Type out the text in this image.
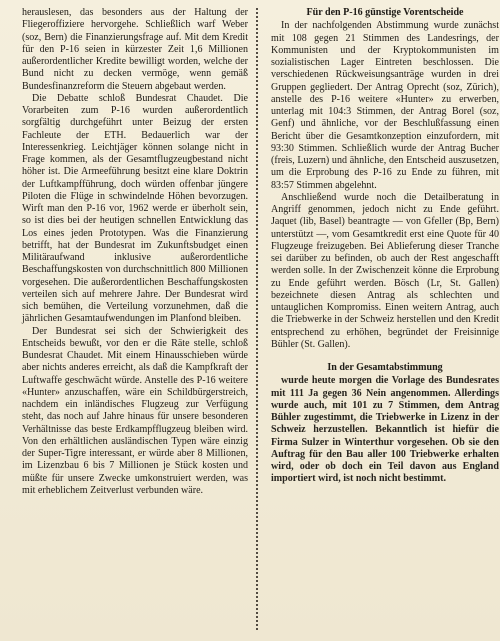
herauslesen, das besonders aus der Haltung der Fliegeroffiziere hervorgehe. Schließlich warf Weber (soz, Bern) die Finanzierungsfrage auf. Mit dem Kredit für den P-16 seien in kürzester Zeit 1,6 Millionen außerordentlicher Kredite bewilligt worden, welche der Bund nicht zu decken vermöge, wenn gemäß Bundesfinanzreform die Steuern abgebaut werden.

Die Debatte schloß Bundesrat Chaudet. Die Vorarbeiten zum P-16 wurden außerordentlich sorgfältig durchgeführt unter Beizug der ersten Fachleute der ETH. Bedauerlich war der Interessenkrieg. Leichtjäger können solange nicht in Frage kommen, als der Gesamtflugzeugbestand nicht höher ist. Die Armeeführung besitzt eine klare Doktrin der Luftkampfführung, doch würden offenbar jüngere Piloten die Flüge in schwindelnde Höhen bevorzugen. Wirft man den P-16 vor, 1962 werde er überholt sein, so ist dies bei der heutigen schnellen Entwicklung das Los eines jeden Prototypen. Was die Finanzierung betrifft, hat der Bundesrat im Zukunftsbudget einen Militäraufwand inklusive außerordentliche Beschaffungskosten von durchschnittlich 800 Millionen vorgesehen. Die außerordentlichen Beschaffungskosten verteilen sich auf mehrere Jahre. Der Bundesrat wird sich bemühen, die Verteilung vorzunehmen, daß die jährlichen Gesamtaufwendungen im Planfond bleiben.

Der Bundesrat sei sich der Schwierigkeit des Entscheids bewußt, vor den er die Räte stelle, schloß Bundesrat Chaudet. Mit einem Hinausschieben würde aber nichts anderes erreicht, als daß die Kampfkraft der Luftwaffe geschwächt würde. Anstelle des P-16 weitere «Hunter» anzuschaffen, wäre ein Schildbürgerstreich, nachdem ein inländisches Flugzeug zur Verfügung steht, das noch auf Jahre hinaus für unsere besonderen Verhältnisse das beste Erdkampfflugzeug bleiben wird. Von den erhältlichen ausländischen Typen wäre einzig der Super-Tigre interessant, er würde aber 8 Millionen, im Lizenzbau 6 bis 7 Millionen je Stück kosten und müßte für unsere Zwecke umkonstruiert werden, was mit erheblichem Zeitverlust verbunden wäre.

Für den P-16 günstige Vorentscheide

In der nachfolgenden Abstimmung wurde zunächst mit 108 gegen 21 Stimmen des Landesrings, der Kommunisten und der Kryptokommunisten im sozialistischen Lager Eintreten beschlossen. Die verschiedenen Rückweisungsanträge wurden in drei Gruppen gegliedert. Der Antrag Oprecht (soz, Zürich), anstelle des P-16 weitere «Hunter» zu erwerben, unterlag mit 104:3 Stimmen, der Antrag Borel (soz, Genf) und ähnliche, vor der Beschlußfassung einen Bericht über die Gesamtkonzeption einzufordern, mit 93:30 Stimmen. Schließlich wurde der Antrag Bucher (freis, Luzern) und ähnliche, den Entscheid auszusetzen, um die Erprobung des P-16 zu Ende zu führen, mit 83:57 Stimmen abgelehnt.

Anschließend wurde noch die Detailberatung in Angriff genommen, jedoch nicht zu Ende geführt. Jaquet (lib, Basel) beantragte — von Gfeller (Bp, Bern) unterstützt —, vom Gesamtkredit erst eine Quote für 40 Flugzeuge freizugeben. Bei Ablieferung dieser Tranche sei darüber zu befinden, ob auch der Rest angeschafft werden solle. In der Zwischenzeit könne die Erprobung zu Ende geführt werden. Bösch (Lr, St. Gallen) bezeichnete diesen Antrag als schlechten und untauglichen Kompromiss. Einen weitern Antrag, auch die Triebwerke in der Schweiz herstellen und den Kredit entsprechend zu erhöhen, begründet der Freisinnige Bühler (St. Gallen).

In der Gesamtabstimmung

wurde heute morgen die Vorlage des Bundesrates mit 111 Ja gegen 36 Nein angenommen. Allerdings wurde auch, mit 101 zu 7 Stimmen, dem Antrag Bühler zugestimmt, die Triebwerke in Lizenz in der Schweiz herzustellen. Bekanntlich ist hiefür die Firma Sulzer in Winterthur vorgesehen. Ob sie den Auftrag für den Bau aller 100 Triebwerke erhalten wird, oder ob doch ein Teil davon aus England importiert wird, ist noch nicht bestimmt.
